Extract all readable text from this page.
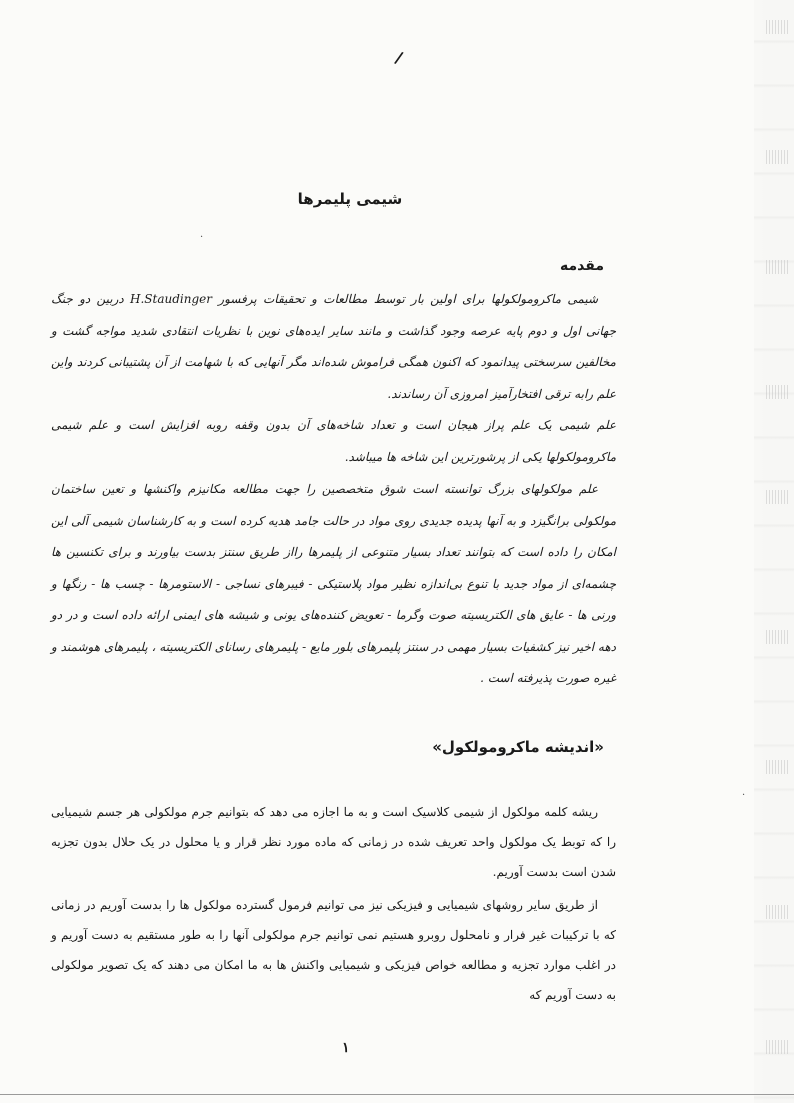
/
شیمی پلیمرها
·
·
مقدمه
شیمی ماکرومولکولها برای اولین بار توسط مطالعات و تحقیقات پرفسور H.Staudinger دربین دو جنگ جهانی اول و دوم پایه عرصه وجود گذاشت و مانند سایر ایده‌های نوین با نظریات انتقادی شدید مواجه گشت و مخالفین سرسختی پیدانمود که اکنون همگی فراموش شده‌اند مگر آنهایی که با شهامت از آن پشتیبانی کردند واین علم رابه ترقی افتخارآمیز امروزی آن رساندند.
علم شیمی یک علم پراز هیجان است و تعداد شاخه‌های آن بدون وقفه روبه افزایش است و علم شیمی ماکرومولکولها یکی از پرشورترین این شاخه ها میباشد.
علم مولکولهای بزرگ توانسته است شوق متخصصین را جهت مطالعه مکانیزم واکنشها و تعین ساختمان مولکولی برانگیزد و به آنها پدیده جدیدی روی مواد در حالت جامد هدیه کرده است و به کارشناسان شیمی آلی این امکان را داده است که بتوانند تعداد بسیار متنوعی از پلیمرها رااز طریق سنتز بدست بیاورند و برای تکنسین ها چشمه‌ای از مواد جدید با تنوع بی‌اندازه نظیر مواد پلاستیکی - فیبرهای نساجی - الاستومرها - چسب ها - رنگها و ورنی ها - عایق های الکتریسیته صوت وگرما - تعویض کننده‌های یونی و شیشه های ایمنی ارائه داده است و در دو دهه اخیر نیز کشفیات بسیار مهمی در سنتز پلیمرهای بلور مایع - پلیمرهای رسانای الکتریسیته ، پلیمرهای هوشمند و غیره صورت پذیرفته است .
«اندیشه ماکرومولکول»
ریشه کلمه مولکول از شیمی کلاسیک است و به ما اجازه می دهد که بتوانیم جرم مولکولی هر جسم شیمیایی را که توبط یک مولکول واحد تعریف شده در زمانی که ماده مورد نظر قرار و یا محلول در یک حلال بدون تجزیه شدن است بدست آوریم.
از طریق سایر روشهای شیمیایی و فیزیکی نیز می توانیم فرمول گسترده مولکول ها را بدست آوریم در زمانی که با ترکیبات غیر فرار و نامحلول روبرو هستیم نمی توانیم جرم مولکولی آنها را به طور مستقیم به دست آوریم و در اغلب موارد تجزیه و مطالعه خواص فیزیکی و شیمیایی واکنش ها به ما امکان می دهند که یک تصویر مولکولی به دست آوریم که
۱
